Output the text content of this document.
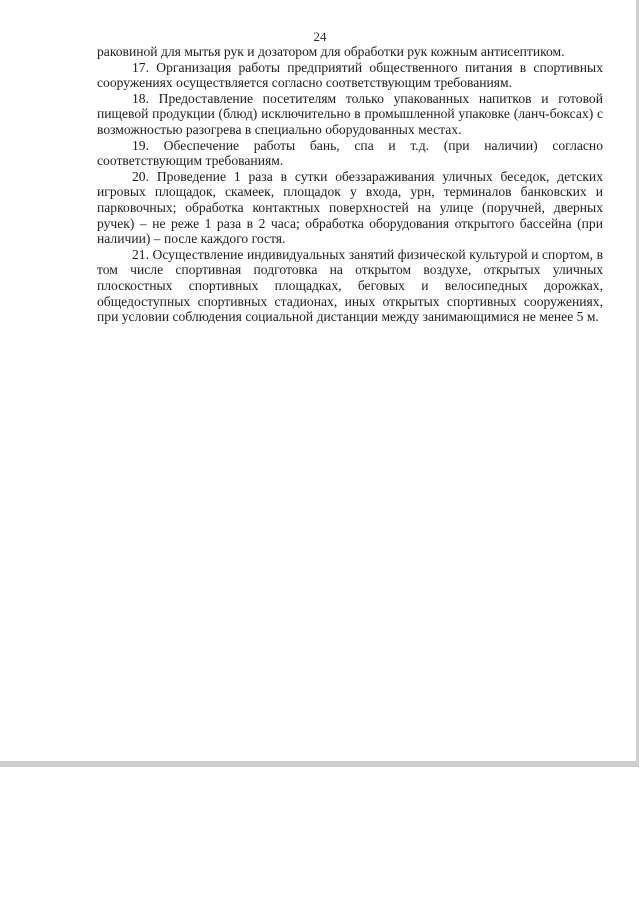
24

раковиной для мытья рук и дозатором для обработки рук кожным антисептиком.

17. Организация работы предприятий общественного питания в спортивных сооружениях осуществляется согласно соответствующим требованиям.

18. Предоставление посетителям только упакованных напитков и готовой пищевой продукции (блюд) исключительно в промышленной упаковке (ланч-боксах) с возможностью разогрева в специально оборудованных местах.

19. Обеспечение работы бань, спа и т.д. (при наличии) согласно соответствующим требованиям.

20. Проведение 1 раза в сутки обеззараживания уличных беседок, детских игровых площадок, скамеек, площадок у входа, урн, терминалов банковских и парковочных; обработка контактных поверхностей на улице (поручней, дверных ручек) – не реже 1 раза в 2 часа; обработка оборудования открытого бассейна (при наличии) – после каждого гостя.

21. Осуществление индивидуальных занятий физической культурой и спортом, в том числе спортивная подготовка на открытом воздухе, открытых уличных плоскостных спортивных площадках, беговых и велосипедных дорожках, общедоступных спортивных стадионах, иных открытых спортивных сооружениях, при условии соблюдения социальной дистанции между занимающимися не менее 5 м.
